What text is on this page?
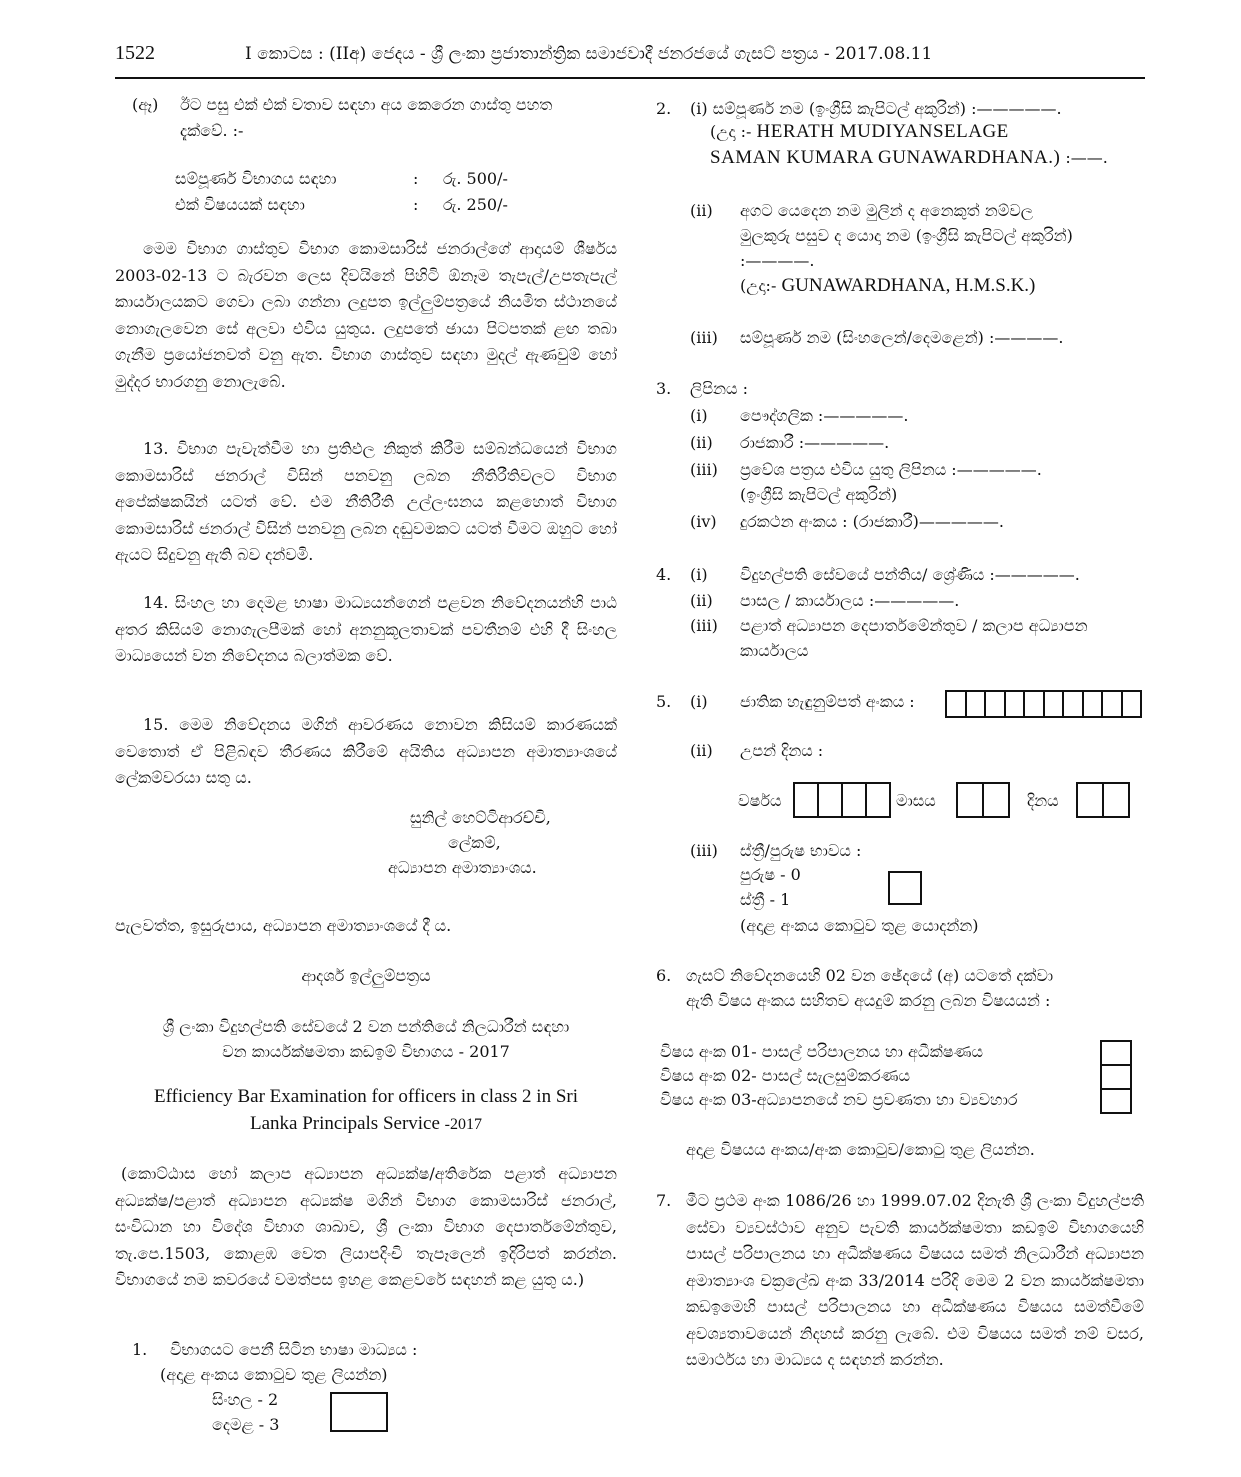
1522	I කොටස : (IIඅ) ජෙදය - ශ්‍රී ලංකා ප්‍රජාතාන්ත්‍රික සමාජවාදී ජනරජයේ ගැසට් පත්‍රය - 2017.08.11
(ඈ) ඊට පසු එක් එක් වතාව සඳහා අය කෙරෙන ගාස්තු පහත
දැක්වේ. :-
සම්පූර්ණ විභාගය සඳහා	: රු. 500/-
එක් විෂයයක් සඳහා	: රු. 250/-
මෙම විභාග ගාස්තුව විභාග කොමසාරිස් ජනරාල්ගේ ආදායම් ශීර්ෂය 2003-02-13 ට බැරවන ලෙස දිවයිනේ පිහිටි ඕනෑම තැපැල්/උපතැපැල් කාර්යාලයකට ගෙවා ලබා ගන්නා ලදුපත ඉල්ලුම්පත්‍රයේ නියමිත ස්ථානයේ නොගැලවෙන සේ අලවා එවිය යුතුය. ලදුපතේ ඡායා පිටපතක් ළඟ තබා ගැනීම ප්‍රයෝජනවත් වනු ඇත. විභාග ගාස්තුව සඳහා මුදල් ඇණවුම් හෝ මුද්දර භාරගනු නොලැබේ.
13. විභාග පැවැත්වීම හා ප්‍රතිඵල නිකුත් කිරීම සම්බන්ධයෙන් විභාග කොමසාරිස් ජනරාල් විසින් පනවනු ලබන නීතිරීතිවලට විභාග අපේක්ෂකයින් යටත් වේ. එම නීතිරීති උල්ලංඝනය කළහොත් විභාග කොමසාරිස් ජනරාල් විසින් පනවනු ලබන දඬුවමකට යටත් වීමට ඔහුට හෝ ඇයට සිදුවනු ඇති බව දන්වමි.
14. සිංහල හා දෙමළ භාෂා මාධ්‍යයන්ගෙන් පළවන නිවේදනයන්හි පාඨ අතර කිසියම් නොගැලපීමක් හෝ අනනුකූලතාවක් පවතීනම් එහි දී සිංහල මාධ්‍යයෙන් වන නිවේදනය බලාත්මක වේ.
15. මෙම නිවේදනය මගින් ආවරණය නොවන කිසියම් කාරණයක් වෙතොත් ඒ පිළිබඳව තීරණය කිරීමේ අයිතිය අධ්‍යාපන අමාත්‍යාංශයේ ලේකම්වරයා සතු ය.
සුනිල් හෙට්ටිආරච්චි,
ලේකම්,
අධ්‍යාපන අමාත්‍යාංශය.
පැලවත්ත, ඉසුරුපාය, අධ්‍යාපන අමාත්‍යාංශයේ දී ය.
ආදර්ශ ඉල්ලුම්පත්‍රය
ශ්‍රී ලංකා විදුහල්පති සේවයේ 2 වන පන්තියේ නිලධාරීන් සඳහා
වන කාර්යක්ෂමතා කඩඉම් විභාගය - 2017
Efficiency Bar Examination for officers in class 2 in Sri
Lanka Principals Service -2017
(කොට්ඨාස හෝ කලාප අධ්‍යාපන අධ්‍යක්ෂ/අතිරේක පළාත් අධ්‍යාපන අධ්‍යක්ෂ/පළාත් අධ්‍යාපන අධ්‍යක්ෂ මගින් විභාග කොමසාරිස් ජනරාල්, සංවිධාන හා විදේශ විභාග ශාඛාව, ශ්‍රී ලංකා විභාග දෙපාර්තමේන්තුව, තැ.පෙ.1503, කොළඹ වෙත ලියාපදිංචි තැපෑලෙන් ඉදිරිපත් කරන්න. විභාගයේ නම කවරයේ වමත්පස ඉහළ කෙළවරේ සඳහන් කළ යුතු ය.)
1. විභාගයට පෙනී සිටින භාෂා මාධ්‍යය :
(අදාළ අංකය කොටුව තුළ ලියන්න)
සිංහල - 2
දෙමළ - 3
2. (i) සම්පූර්ණ නම (ඉංග්‍රීසි කැපිටල් අකුරින්) :—————.
(උදා :- HERATH MUDIYANSELAGE
SAMAN KUMARA GUNAWARDHANA.) :——.
(ii) අගට යෙදෙන නම මුලින් ද අනෙකුත් නම්වල
මුලකුරු පසුව ද යොදා නම (ඉංග්‍රීසි කැපිටල් අකුරින්)
:————.
(උදා:- GUNAWARDHANA, H.M.S.K.)
(iii) සම්පූර්ණ නම (සිංහලෙන්/දෙමළෙන්) :————.
3. ලිපිනය :
(i) පෞද්ගලික :—————.
(ii) රාජකාරී :—————.
(iii) ප්‍රවේශ පත්‍රය එවිය යුතු ලිපිනය :—————.
(ඉංග්‍රීසි කැපිටල් අකුරින්)
(iv) දුරකථන අංකය : (රාජකාරී)—————.
4. (i) විදුහල්පති සේවයේ පන්තිය/ ශ්‍රේණිය :—————.
(ii) පාසල / කාර්යාලය :—————.
(iii) පළාත් අධ්‍යාපන දෙපාර්තමේන්තුව / කලාප අධ්‍යාපන
කාර්යාලය
5. (i) ජාතික හැඳුනුම්පත් අංකය :
(ii) උපන් දිනය :
වර්ෂය	මාසය	දිනය
(iii) ස්ත්‍රී/පුරුෂ භාවය :
පුරුෂ - 0
ස්ත්‍රී - 1
(අදාළ අංකය කොටුව තුළ යොදන්න)
6. ගැසට් නිවේදනයෙහි 02 වන ඡේදයේ (අ) යටතේ දක්වා
ඇති විෂය අංකය සහිතව අයදුම් කරනු ලබන විෂයයන් :
විෂය අංක 01- පාසල් පරිපාලනය හා අධීක්ෂණය
විෂය අංක 02- පාසල් සැලසුම්කරණය
විෂය අංක 03-අධ්‍යාපනයේ නව ප්‍රවණතා හා ව්‍යවහාර
අදාළ විෂයය අංකය/අංක කොටුව/කොටු තුළ ලියන්න.
7. මීට ප්‍රථම අංක 1086/26 හා 1999.07.02 දිනැති ශ්‍රී ලංකා විදුහල්පති සේවා ව්‍යවස්ථාව අනුව පැවති කාර්යක්ෂමතා කඩඉම් විභාගයෙහි පාසල් පරිපාලනය හා අධීක්ෂණය විෂයය සමත් නිලධාරීන් අධ්‍යාපන අමාත්‍යාංශ චක්‍රලේඛ අංක 33/2014 පරිදි මෙම 2 වන කාර්යක්ෂමතා කඩඉමෙහි පාසල් පරිපාලනය හා අධීක්ෂණය විෂයය සමත්වීමේ අවශ්‍යතාවයෙන් නිදහස් කරනු ලැබේ. එම විෂයය සමත් නම් වසර, සමාර්ථය හා මාධ්‍යය ද සඳහන් කරන්න.
